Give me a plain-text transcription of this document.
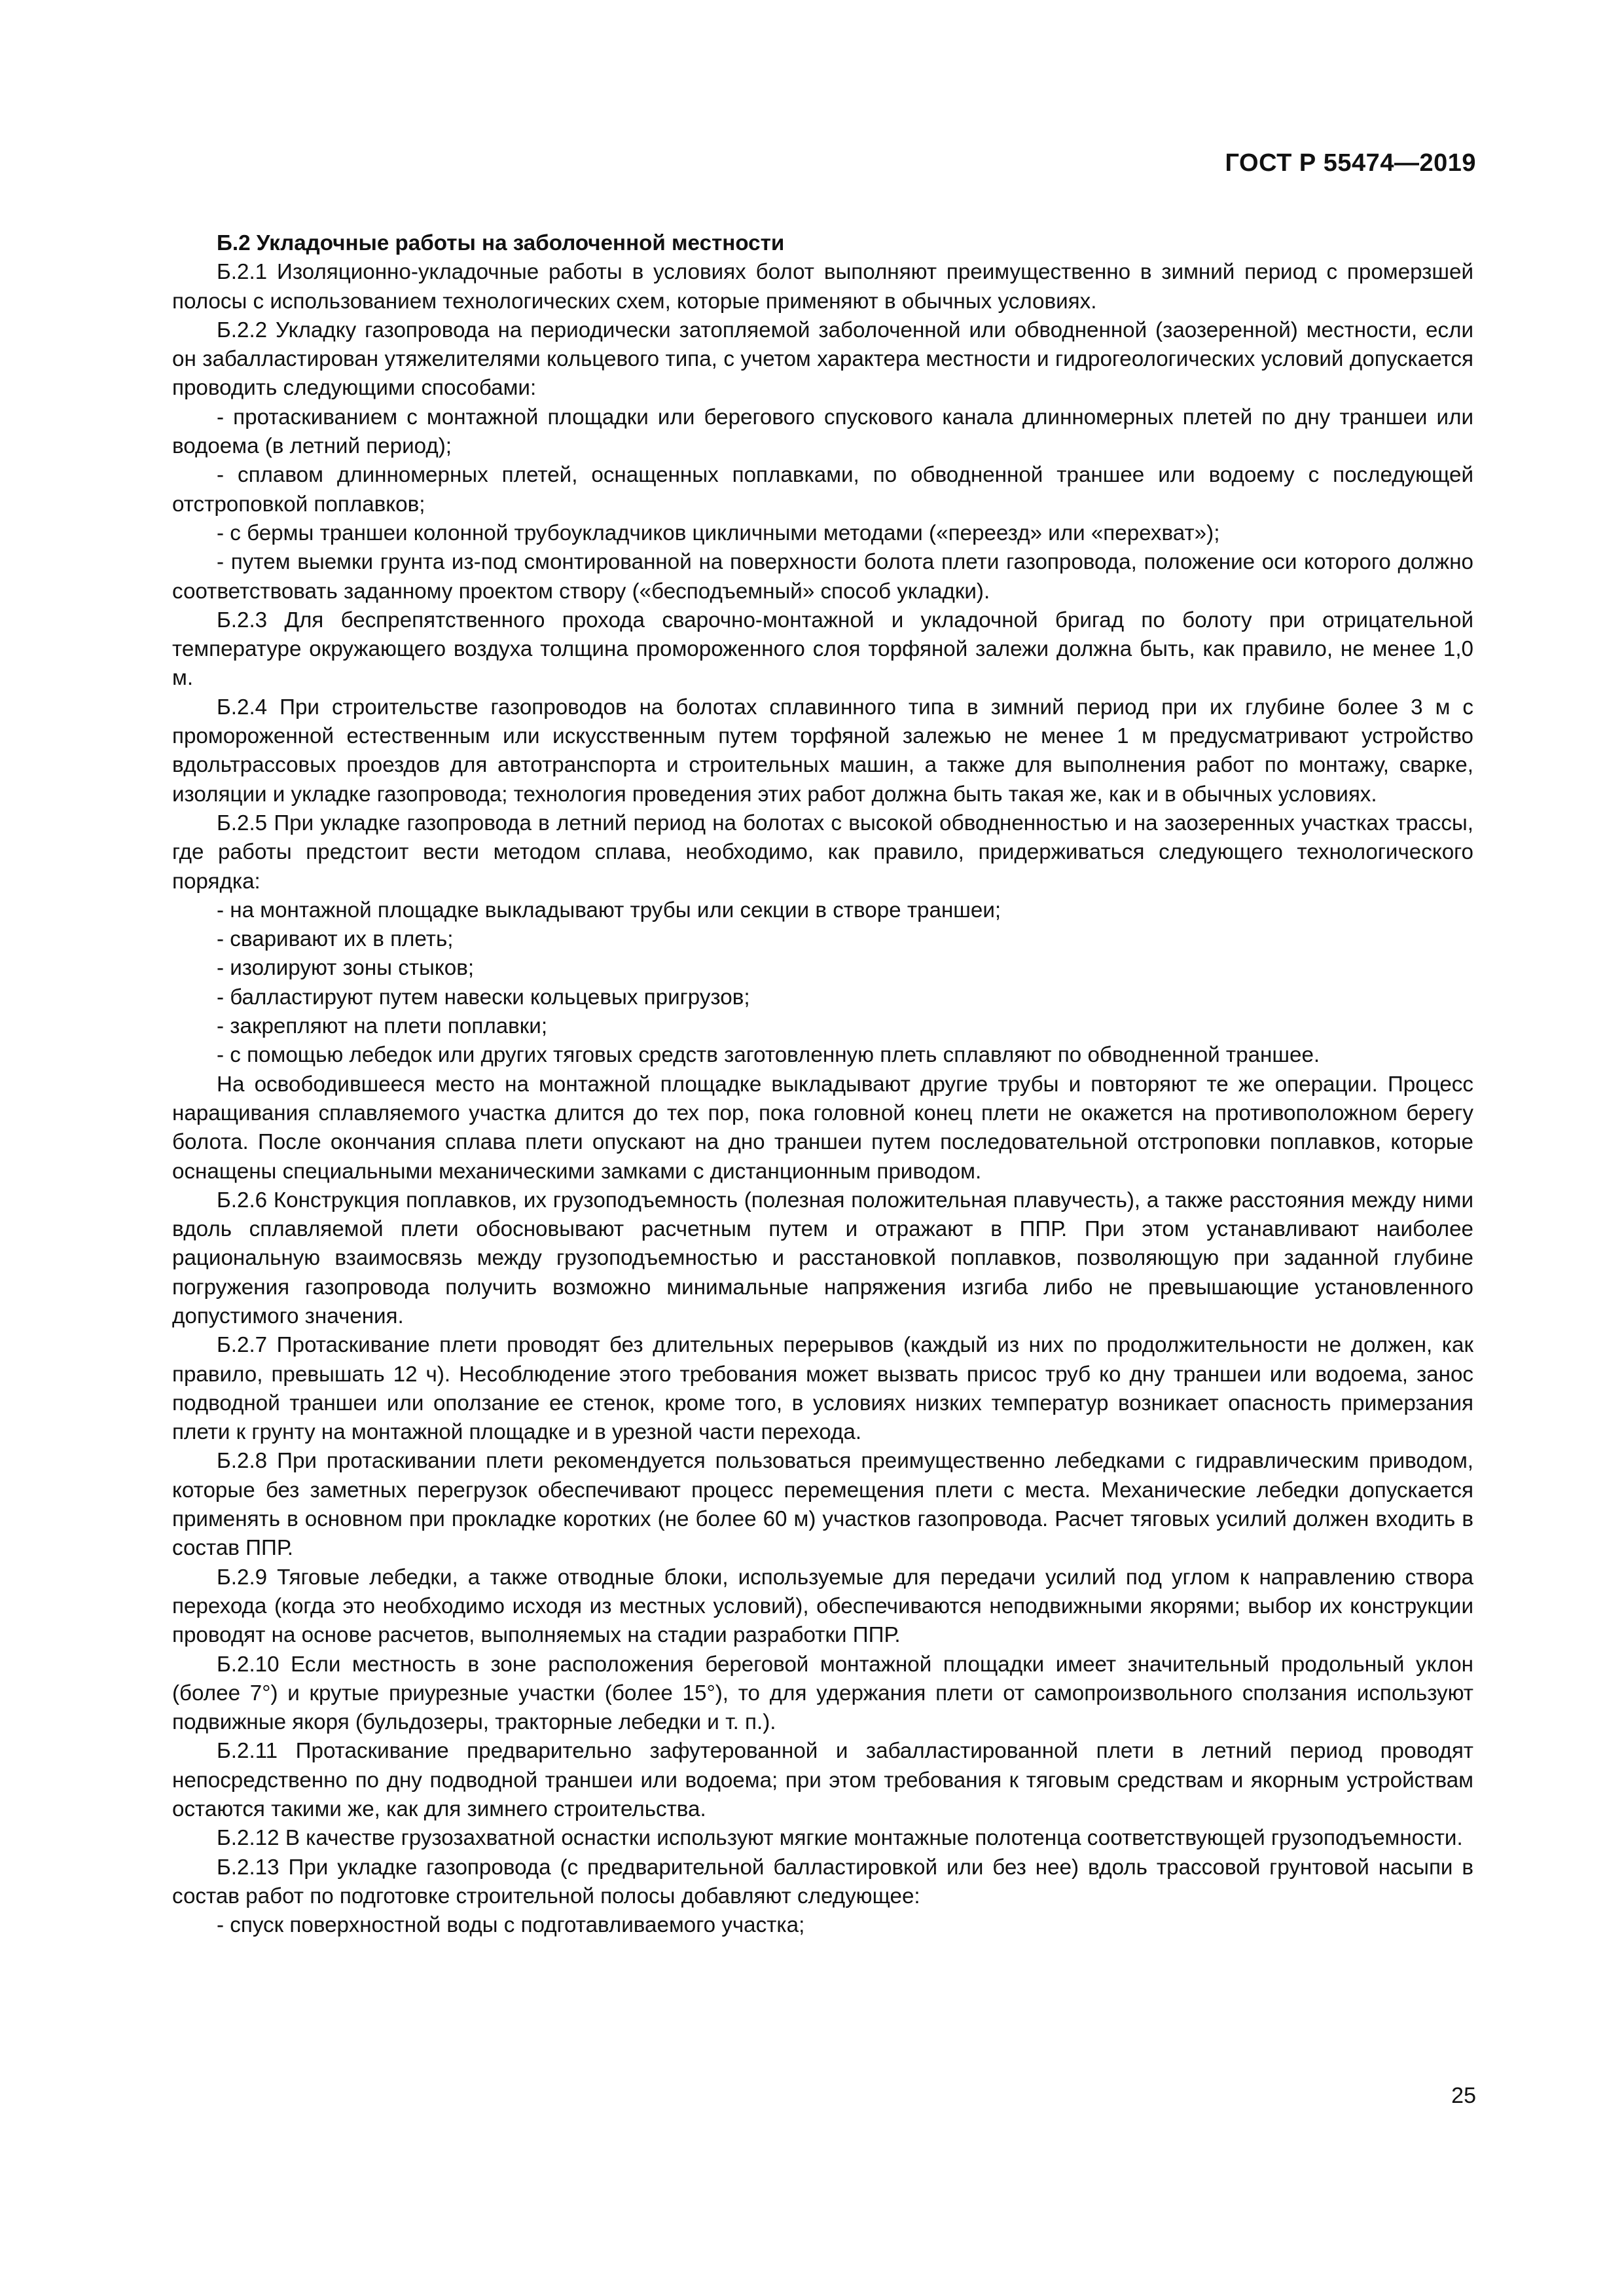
ГОСТ Р 55474—2019

Б.2 Укладочные работы на заболоченной местности

Б.2.1 Изоляционно-укладочные работы в условиях болот выполняют преимущественно в зимний период с промерзшей полосы с использованием технологических схем, которые применяют в обычных условиях.

Б.2.2 Укладку газопровода на периодически затопляемой заболоченной или обводненной (заозеренной) местности, если он забалластирован утяжелителями кольцевого типа, с учетом характера местности и гидрогеологических условий допускается проводить следующими способами:

- протаскиванием с монтажной площадки или берегового спускового канала длинномерных плетей по дну траншеи или водоема (в летний период);

- сплавом длинномерных плетей, оснащенных поплавками, по обводненной траншее или водоему с последующей отстроповкой поплавков;

- с бермы траншеи колонной трубоукладчиков цикличными методами («переезд» или «перехват»);

- путем выемки грунта из-под смонтированной на поверхности болота плети газопровода, положение оси которого должно соответствовать заданному проектом створу («бесподъемный» способ укладки).

Б.2.3 Для беспрепятственного прохода сварочно-монтажной и укладочной бригад по болоту при отрицательной температуре окружающего воздуха толщина промороженного слоя торфяной залежи должна быть, как правило, не менее 1,0 м.

Б.2.4 При строительстве газопроводов на болотах сплавинного типа в зимний период при их глубине более 3 м с промороженной естественным или искусственным путем торфяной залежью не менее 1 м предусматривают устройство вдольтрассовых проездов для автотранспорта и строительных машин, а также для выполнения работ по монтажу, сварке, изоляции и укладке газопровода; технология проведения этих работ должна быть такая же, как и в обычных условиях.

Б.2.5 При укладке газопровода в летний период на болотах с высокой обводненностью и на заозеренных участках трассы, где работы предстоит вести методом сплава, необходимо, как правило, придерживаться следующего технологического порядка:

- на монтажной площадке выкладывают трубы или секции в створе траншеи;

- сваривают их в плеть;

- изолируют зоны стыков;

- балластируют путем навески кольцевых пригрузов;

- закрепляют на плети поплавки;

- с помощью лебедок или других тяговых средств заготовленную плеть сплавляют по обводненной траншее.

На освободившееся место на монтажной площадке выкладывают другие трубы и повторяют те же операции. Процесс наращивания сплавляемого участка длится до тех пор, пока головной конец плети не окажется на противоположном берегу болота. После окончания сплава плети опускают на дно траншеи путем последовательной отстроповки поплавков, которые оснащены специальными механическими замками с дистанционным приводом.

Б.2.6 Конструкция поплавков, их грузоподъемность (полезная положительная плавучесть), а также расстояния между ними вдоль сплавляемой плети обосновывают расчетным путем и отражают в ППР. При этом устанавливают наиболее рациональную взаимосвязь между грузоподъемностью и расстановкой поплавков, позволяющую при заданной глубине погружения газопровода получить возможно минимальные напряжения изгиба либо не превышающие установленного допустимого значения.

Б.2.7 Протаскивание плети проводят без длительных перерывов (каждый из них по продолжительности не должен, как правило, превышать 12 ч). Несоблюдение этого требования может вызвать присос труб ко дну траншеи или водоема, занос подводной траншеи или оползание ее стенок, кроме того, в условиях низких температур возникает опасность примерзания плети к грунту на монтажной площадке и в урезной части перехода.

Б.2.8 При протаскивании плети рекомендуется пользоваться преимущественно лебедками с гидравлическим приводом, которые без заметных перегрузок обеспечивают процесс перемещения плети с места. Механические лебедки допускается применять в основном при прокладке коротких (не более 60 м) участков газопровода. Расчет тяговых усилий должен входить в состав ППР.

Б.2.9 Тяговые лебедки, а также отводные блоки, используемые для передачи усилий под углом к направлению створа перехода (когда это необходимо исходя из местных условий), обеспечиваются неподвижными якорями; выбор их конструкции проводят на основе расчетов, выполняемых на стадии разработки ППР.

Б.2.10 Если местность в зоне расположения береговой монтажной площадки имеет значительный продольный уклон (более 7°) и крутые приурезные участки (более 15°), то для удержания плети от самопроизвольного сползания используют подвижные якоря (бульдозеры, тракторные лебедки и т. п.).

Б.2.11 Протаскивание предварительно зафутерованной и забалластированной плети в летний период проводят непосредственно по дну подводной траншеи или водоема; при этом требования к тяговым средствам и якорным устройствам остаются такими же, как для зимнего строительства.

Б.2.12 В качестве грузозахватной оснастки используют мягкие монтажные полотенца соответствующей грузоподъемности.

Б.2.13 При укладке газопровода (с предварительной балластировкой или без нее) вдоль трассовой грунтовой насыпи в состав работ по подготовке строительной полосы добавляют следующее:

- спуск поверхностной воды с подготавливаемого участка;

25
